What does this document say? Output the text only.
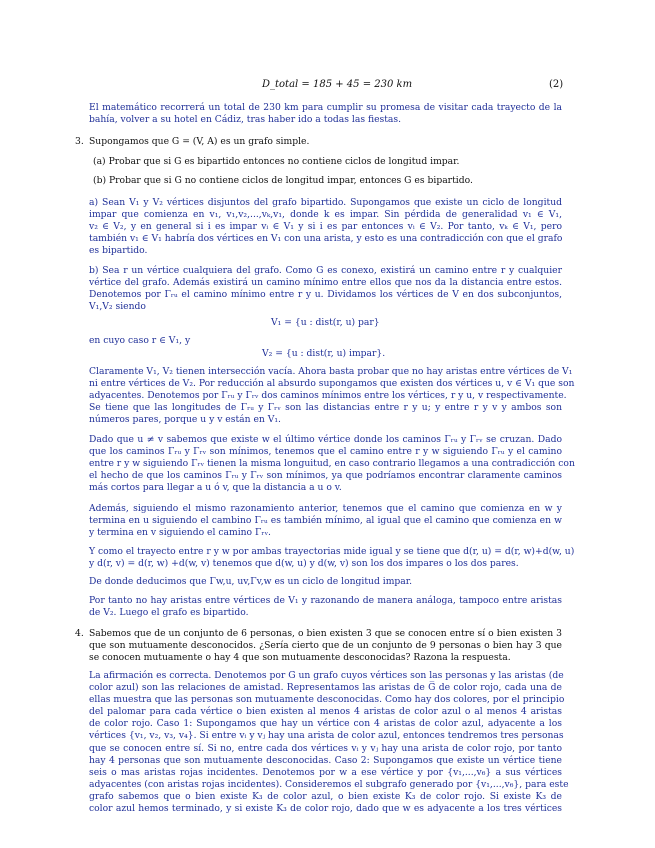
D_total = 185 + 45 = 230 km	(2)
El matemático recorrerá un total de 230 km para cumplir su promesa de visitar cada trayecto de la
bahía, volver a su hotel en Cádiz, tras haber ido a todas las fiestas.
3. Supongamos que G = (V, A) es un grafo simple.
(a) Probar que si G es bipartido entonces no contiene ciclos de longitud impar.
(b) Probar que si G no contiene ciclos de longitud impar, entonces G es bipartido.
a) Sean V₁ y V₂ vértices disjuntos del grafo bipartido. Supongamos que existe un ciclo de longitud
impar que comienza en v₁, v₁,v₂,...,vₖ,v₁, donde k es impar. Sin pérdida de generalidad v₁ ∈ V₁,
v₂ ∈ V₂, y en general si i es impar vᵢ ∈ V₁ y si i es par entonces vᵢ ∈ V₂. Por tanto, vₖ ∈ V₁, pero
también v₁ ∈ V₁ habría dos vértices en V₁ con una arista, y esto es una contradicción con que el grafo
es bipartido.
b) Sea r un vértice cualquiera del grafo. Como G es conexo, existirá un camino entre r y cualquier
vértice del grafo. Además existirá un camino mínimo entre ellos que nos da la distancia entre estos.
Denotemos por Γᵣᵤ el camino mínimo entre r y u. Dividamos los vértices de V en dos subconjuntos,
V₁,V₂ siendo
V₁ = {u : dist(r, u) par}
en cuyo caso r ∈ V₁, y
V₂ = {u : dist(r, u) impar}.
Claramente V₁, V₂ tienen intersección vacía. Ahora basta probar que no hay aristas entre vértices de V₁
ni entre vértices de V₂. Por reducción al absurdo supongamos que existen dos vértices u, v ∈ V₁ que son
adyacentes. Denotemos por Γᵣᵤ y Γᵣᵥ dos caminos mínimos entre los vértices, r y u, v respectivamente.
Se tiene que las longitudes de Γᵣᵤ y Γᵣᵥ son las distancias entre r y u; y entre r y v y ambos son
números pares, porque u y v están en V₁.
Dado que u ≠ v sabemos que existe w el último vértice donde los caminos Γᵣᵤ y Γᵣᵥ se cruzan. Dado
que los caminos Γᵣᵤ y Γᵣᵥ son mínimos, tenemos que el camino entre r y w siguiendo Γᵣᵤ y el camino
entre r y w siguiendo Γᵣᵥ tienen la misma longuitud, en caso contrario llegamos a una contradicción con
el hecho de que los caminos Γᵣᵤ y Γᵣᵥ son mínimos, ya que podríamos encontrar claramente caminos
más cortos para llegar a u ó v, que la distancia a u o v.
Además, siguiendo el mismo razonamiento anterior, tenemos que el camino que comienza en w y
termina en u siguiendo el cambino Γᵣᵤ es también mínimo, al igual que el camino que comienza en w
y termina en v siguiendo el camino Γᵣᵥ.
Y como el trayecto entre r y w por ambas trayectorias mide igual y se tiene que d(r, u) = d(r, w)+d(w, u)
y d(r, v) = d(r, w) +d(w, v) tenemos que d(w, u) y d(w, v) son los dos impares o los dos pares.
De donde deducimos que Γw,u, uv,Γv,w es un ciclo de longitud impar.
Por tanto no hay aristas entre vértices de V₁ y razonando de manera análoga, tampoco entre aristas
de V₂. Luego el grafo es bipartido.
4. Sabemos que de un conjunto de 6 personas, o bien existen 3 que se conocen entre sí o bien existen 3
que son mutuamente desconocidos. ¿Sería cierto que de un conjunto de 9 personas o bien hay 3 que
se conocen mutuamente o hay 4 que son mutuamente desconocidas? Razona la respuesta.
La afirmación es correcta. Denotemos por G un grafo cuyos vértices son las personas y las aristas (de
color azul) son las relaciones de amistad. Representamos las aristas de G̅ de color rojo, cada una de
ellas muestra que las personas son mutuamente desconocidas. Como hay dos colores, por el principio
del palomar para cada vértice o bien existen al menos 4 aristas de color azul o al menos 4 aristas
de color rojo. Caso 1: Supongamos que hay un vértice con 4 aristas de color azul, adyacente a los
vértices {v₁, v₂, v₃, v₄}. Si entre vᵢ y vⱼ hay una arista de color azul, entonces tendremos tres personas
que se conocen entre sí. Si no, entre cada dos vértices vᵢ y vⱼ hay una arista de color rojo, por tanto
hay 4 personas que son mutuamente desconocidas. Caso 2: Supongamos que existe un vértice tiene
seis o mas aristas rojas incidentes. Denotemos por w a ese vértice y por {v₁,...,v₆} a sus vértices
adyacentes (con aristas rojas incidentes). Consideremos el subgrafo generado por {v₁,...,v₆}, para este
grafo sabemos que o bien existe K₃ de color azul, o bien existe K₃ de color rojo. Si existe K₃ de
color azul hemos terminado, y si existe K₃ de color rojo, dado que w es adyacente a los tres vértices
